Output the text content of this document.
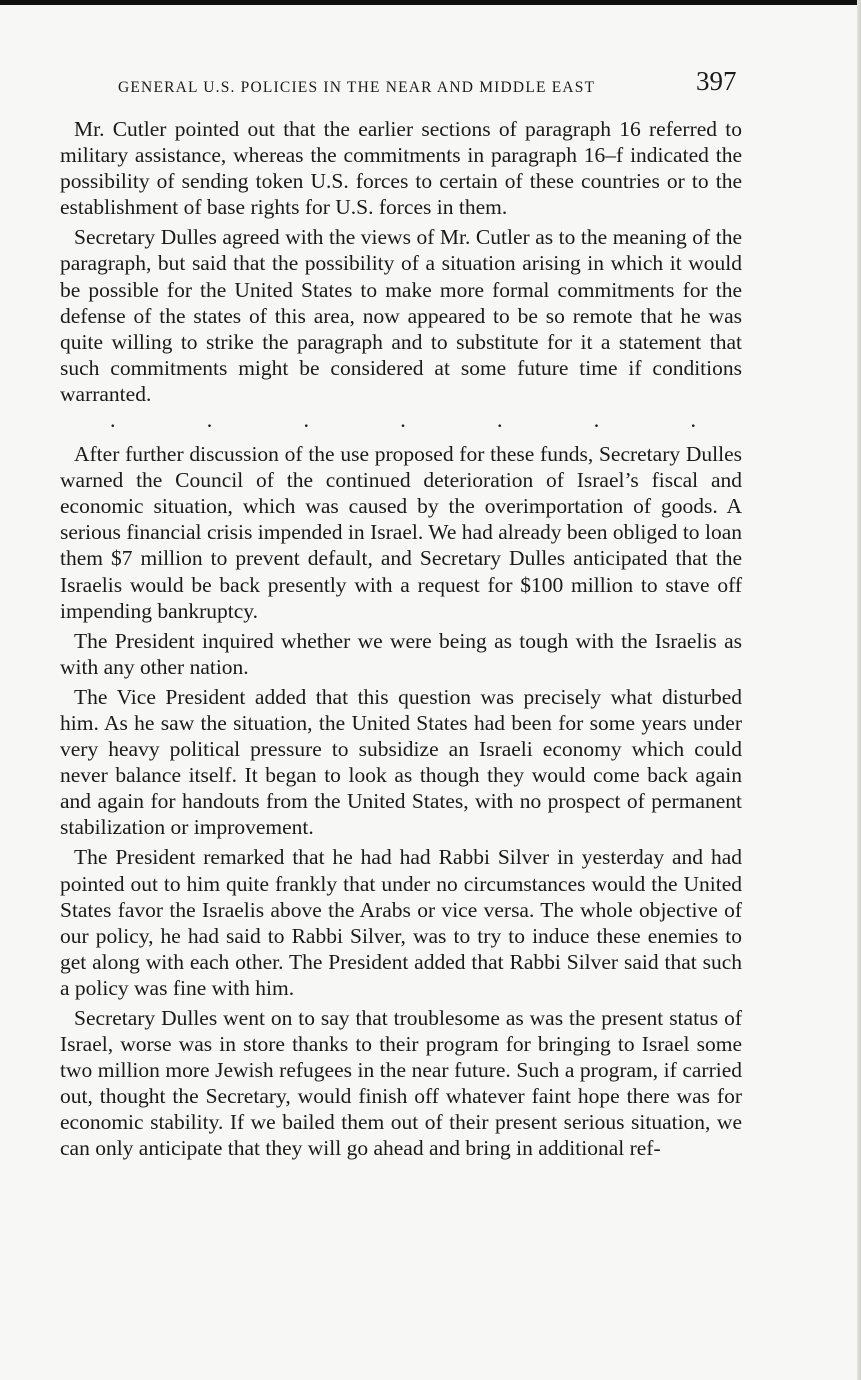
GENERAL U.S. POLICIES IN THE NEAR AND MIDDLE EAST	397

Mr. Cutler pointed out that the earlier sections of paragraph 16 referred to military assistance, whereas the commitments in paragraph 16–f indicated the possibility of sending token U.S. forces to certain of these countries or to the establishment of base rights for U.S. forces in them.

Secretary Dulles agreed with the views of Mr. Cutler as to the meaning of the paragraph, but said that the possibility of a situation arising in which it would be possible for the United States to make more formal commitments for the defense of the states of this area, now appeared to be so remote that he was quite willing to strike the paragraph and to substitute for it a statement that such commitments might be considered at some future time if conditions warranted.

.	.	.	.	.	.	.

After further discussion of the use proposed for these funds, Secretary Dulles warned the Council of the continued deterioration of Israel’s fiscal and economic situation, which was caused by the overimportation of goods. A serious financial crisis impended in Israel. We had already been obliged to loan them $7 million to prevent default, and Secretary Dulles anticipated that the Israelis would be back presently with a request for $100 million to stave off impending bankruptcy.

The President inquired whether we were being as tough with the Israelis as with any other nation.

The Vice President added that this question was precisely what disturbed him. As he saw the situation, the United States had been for some years under very heavy political pressure to subsidize an Israeli economy which could never balance itself. It began to look as though they would come back again and again for handouts from the United States, with no prospect of permanent stabilization or improvement.

The President remarked that he had had Rabbi Silver in yesterday and had pointed out to him quite frankly that under no circumstances would the United States favor the Israelis above the Arabs or vice versa. The whole objective of our policy, he had said to Rabbi Silver, was to try to induce these enemies to get along with each other. The President added that Rabbi Silver said that such a policy was fine with him.

Secretary Dulles went on to say that troublesome as was the present status of Israel, worse was in store thanks to their program for bringing to Israel some two million more Jewish refugees in the near future. Such a program, if carried out, thought the Secretary, would finish off whatever faint hope there was for economic stability. If we bailed them out of their present serious situation, we can only anticipate that they will go ahead and bring in additional ref-
